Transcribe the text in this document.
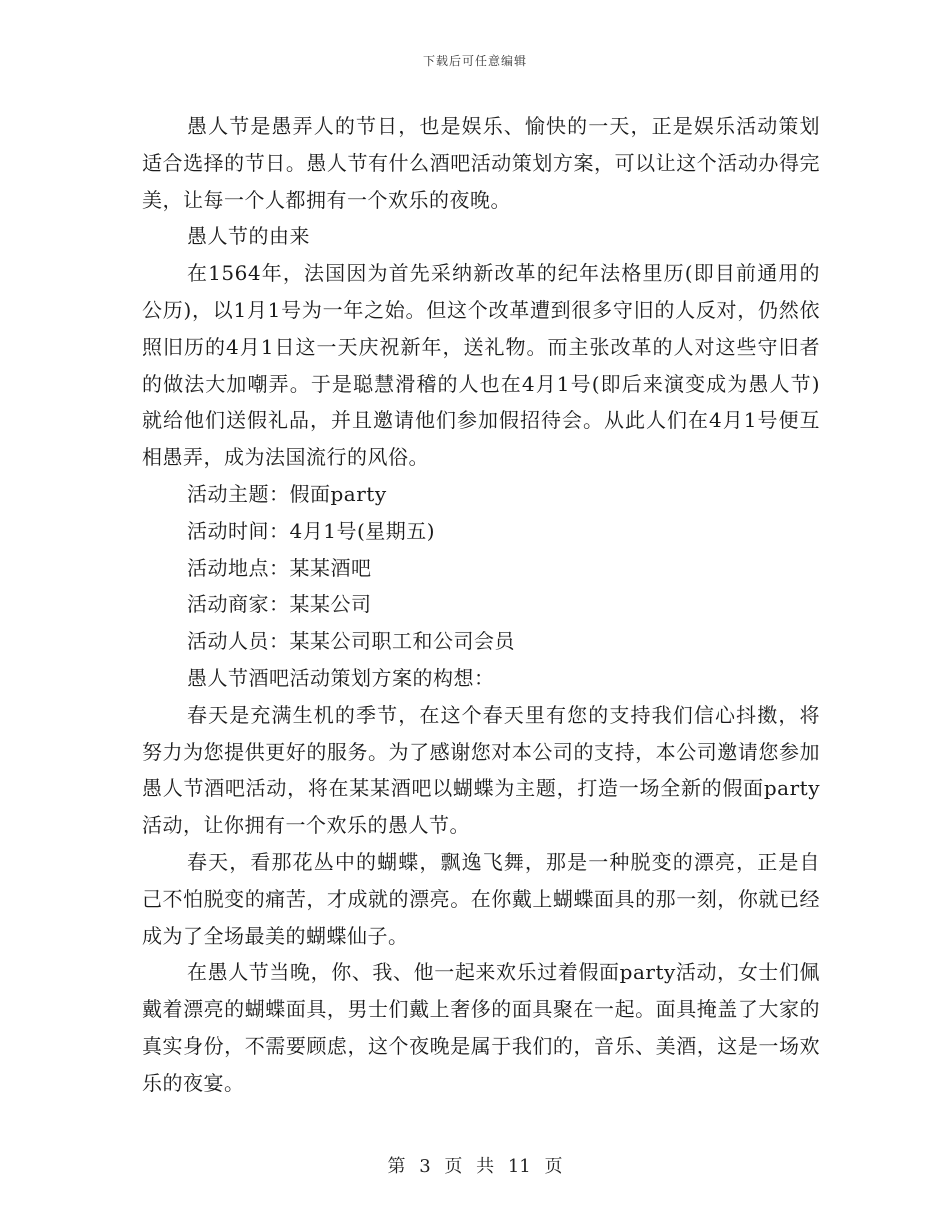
下载后可任意编辑

愚人节是愚弄人的节日，也是娱乐、愉快的一天，正是娱乐活动策划适合选择的节日。愚人节有什么酒吧活动策划方案，可以让这个活动办得完美，让每一个人都拥有一个欢乐的夜晚。

愚人节的由来

在1564年，法国因为首先采纳新改革的纪年法格里历(即目前通用的公历)，以1月1号为一年之始。但这个改革遭到很多守旧的人反对，仍然依照旧历的4月1日这一天庆祝新年，送礼物。而主张改革的人对这些守旧者的做法大加嘲弄。于是聪慧滑稽的人也在4月1号(即后来演变成为愚人节)就给他们送假礼品，并且邀请他们参加假招待会。从此人们在4月1号便互相愚弄，成为法国流行的风俗。

活动主题：假面party

活动时间：4月1号(星期五)

活动地点：某某酒吧

活动商家：某某公司

活动人员：某某公司职工和公司会员

愚人节酒吧活动策划方案的构想：

春天是充满生机的季节，在这个春天里有您的支持我们信心抖擞，将努力为您提供更好的服务。为了感谢您对本公司的支持，本公司邀请您参加愚人节酒吧活动，将在某某酒吧以蝴蝶为主题，打造一场全新的假面party活动，让你拥有一个欢乐的愚人节。

春天，看那花丛中的蝴蝶，飘逸飞舞，那是一种脱变的漂亮，正是自己不怕脱变的痛苦，才成就的漂亮。在你戴上蝴蝶面具的那一刻，你就已经成为了全场最美的蝴蝶仙子。

在愚人节当晚，你、我、他一起来欢乐过着假面party活动，女士们佩戴着漂亮的蝴蝶面具，男士们戴上奢侈的面具聚在一起。面具掩盖了大家的真实身份，不需要顾虑，这个夜晚是属于我们的，音乐、美酒，这是一场欢乐的夜宴。

第 3 页 共 11 页
